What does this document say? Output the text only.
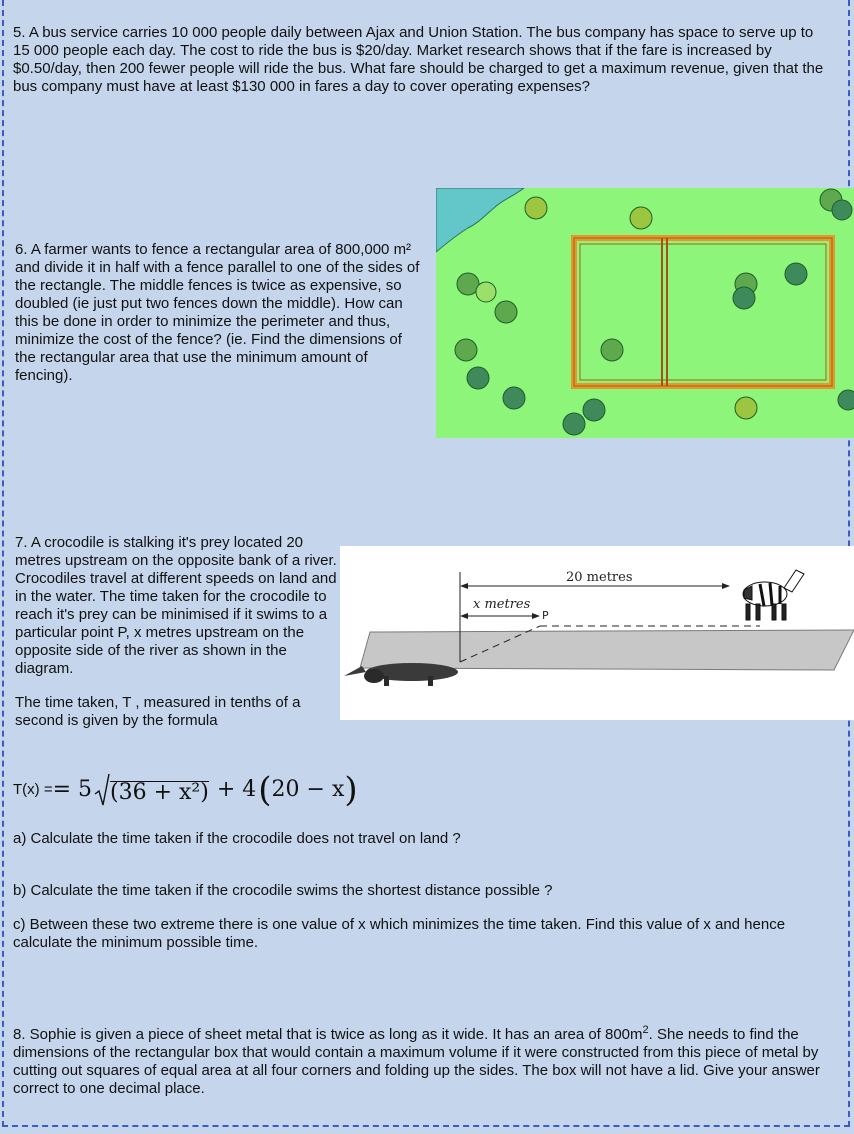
5. A bus service carries 10 000 people daily between Ajax and Union Station. The bus company has space to serve up to 15 000 people each day. The cost to ride the bus is $20/day. Market research shows that if the fare is increased by $0.50/day, then 200 fewer people will ride the bus. What fare should be charged to get a maximum revenue, given that the bus company must have at least $130 000 in fares a day to cover operating expenses?

6. A farmer wants to fence a rectangular area of 800,000 m² and divide it in half with a fence parallel to one of the sides of the rectangle. The middle fences is twice as expensive, so doubled (ie just put two fences down the middle). How can this be done in order to minimize the perimeter and thus, minimize the cost of the fence? (ie. Find the dimensions of the rectangular area that use the minimum amount of fencing).

7. A crocodile is stalking it's prey located 20 metres upstream on the opposite bank of a river. Crocodiles travel at different speeds on land and in the water. The time taken for the crocodile to reach it's prey can be minimised if it swims to a particular point P, x metres upstream on the opposite side of the river as shown in the diagram.

The time taken, T , measured in tenths of a second is given by the formula

20 metres
x metres
P
T(x) = = 5 (36 + x²) + 4 ( 20 − x )

a) Calculate the time taken if the crocodile does not travel on land ?

b) Calculate the time taken if the crocodile swims the shortest distance possible ?

c) Between these two extreme there is one value of x which minimizes the time taken. Find this value of x and hence calculate the minimum possible time.

8. Sophie is given a piece of sheet metal that is twice as long as it wide. It has an area of $800m^2$. She needs to find the dimensions of the rectangular box that would contain a maximum volume if it were constructed from this piece of metal by cutting out squares of equal area at all four corners and folding up the sides. The box will not have a lid. Give your answer correct to one decimal place.
